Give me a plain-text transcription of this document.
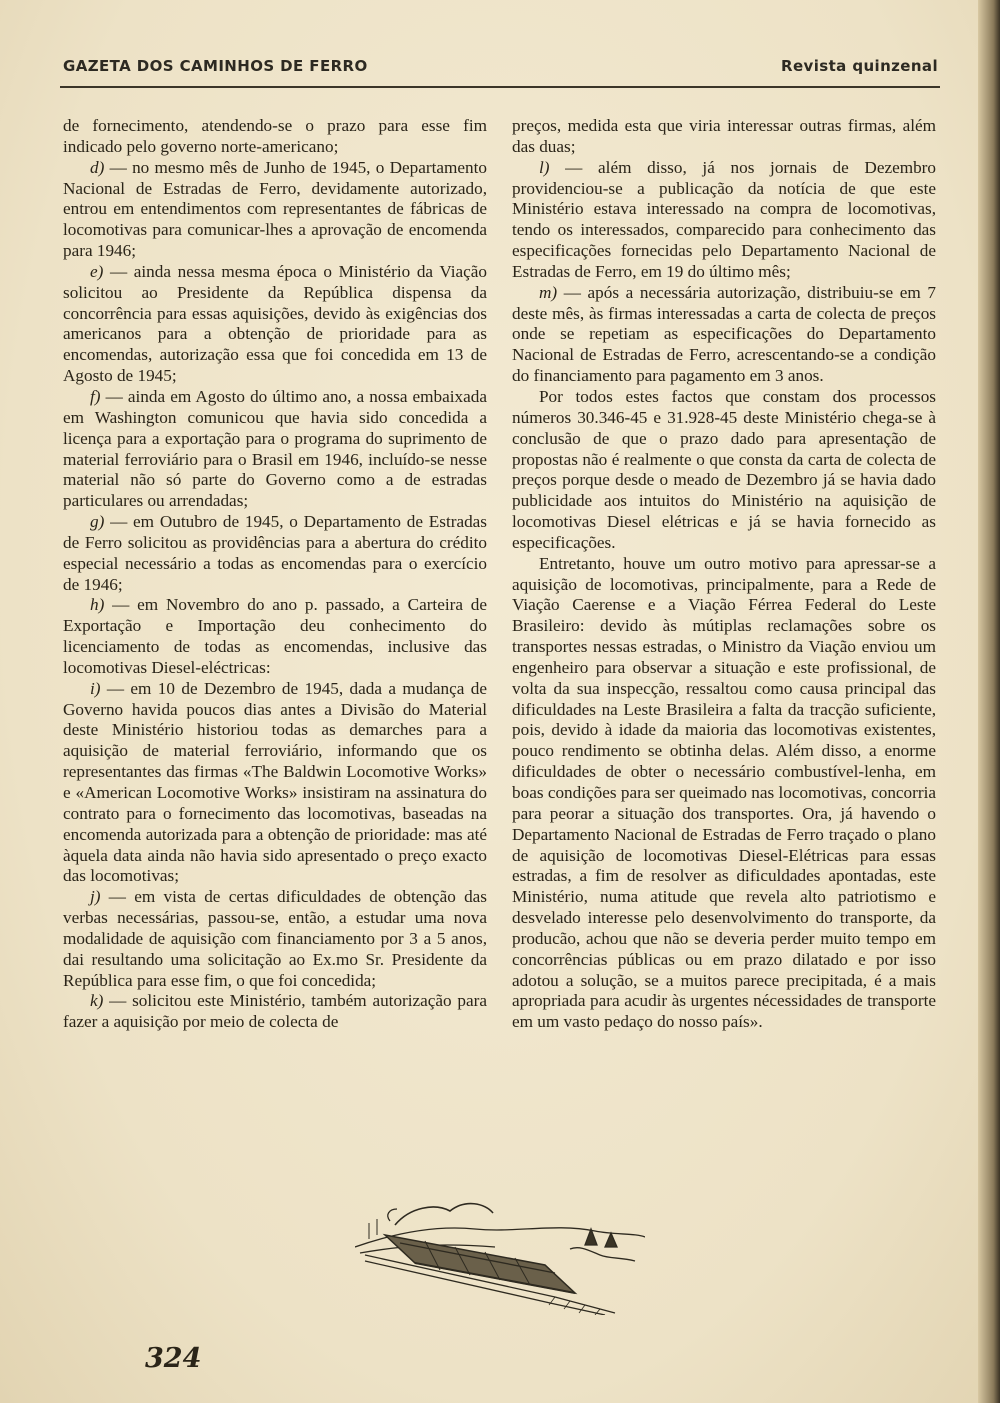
GAZETA DOS CAMINHOS DE FERRO	Revista quinzenal

de fornecimento, atendendo-se o prazo para esse fim indicado pelo governo norte-americano;

d) — no mesmo mês de Junho de 1945, o Departamento Nacional de Estradas de Ferro, devidamente autorizado, entrou em entendimentos com representantes de fábricas de locomotivas para comunicar-lhes a aprovação de encomenda para 1946;

e) — ainda nessa mesma época o Ministério da Viação solicitou ao Presidente da República dispensa da concorrência para essas aquisições, devido às exigências dos americanos para a obtenção de prioridade para as encomendas, autorização essa que foi concedida em 13 de Agosto de 1945;

f) — ainda em Agosto do último ano, a nossa embaixada em Washington comunicou que havia sido concedida a licença para a exportação para o programa do suprimento de material ferroviário para o Brasil em 1946, incluído-se nesse material não só parte do Governo como a de estradas particulares ou arrendadas;

g) — em Outubro de 1945, o Departamento de Estradas de Ferro solicitou as providências para a abertura do crédito especial necessário a todas as encomendas para o exercício de 1946;

h) — em Novembro do ano p. passado, a Carteira de Exportação e Importação deu conhecimento do licenciamento de todas as encomendas, inclusive das locomotivas Diesel-eléctricas:

i) — em 10 de Dezembro de 1945, dada a mudança de Governo havida poucos dias antes a Divisão do Material deste Ministério historiou todas as demarches para a aquisição de material ferroviário, informando que os representantes das firmas «The Baldwin Locomotive Works» e «American Locomotive Works» insistiram na assinatura do contrato para o fornecimento das locomotivas, baseadas na encomenda autorizada para a obtenção de prioridade: mas até àquela data ainda não havia sido apresentado o preço exacto das locomotivas;

j) — em vista de certas dificuldades de obtenção das verbas necessárias, passou-se, então, a estudar uma nova modalidade de aquisição com financiamento por 3 a 5 anos, dai resultando uma solicitação ao Ex.mo Sr. Presidente da República para esse fim, o que foi concedida;

k) — solicitou este Ministério, também autorização para fazer a aquisição por meio de colecta de

preços, medida esta que viria interessar outras firmas, além das duas;

l) — além disso, já nos jornais de Dezembro providenciou-se a publicação da notícia de que este Ministério estava interessado na compra de locomotivas, tendo os interessados, comparecido para conhecimento das especificações fornecidas pelo Departamento Nacional de Estradas de Ferro, em 19 do último mês;

m) — após a necessária autorização, distribuiu-se em 7 deste mês, às firmas interessadas a carta de colecta de preços onde se repetiam as especificações do Departamento Nacional de Estradas de Ferro, acrescentando-se a condição do financiamento para pagamento em 3 anos.

Por todos estes factos que constam dos processos números 30.346-45 e 31.928-45 deste Ministério chega-se à conclusão de que o prazo dado para apresentação de propostas não é realmente o que consta da carta de colecta de preços porque desde o meado de Dezembro já se havia dado publicidade aos intuitos do Ministério na aquisição de locomotivas Diesel elétricas e já se havia fornecido as especificações.

Entretanto, houve um outro motivo para apressar-se a aquisição de locomotivas, principalmente, para a Rede de Viação Caerense e a Viação Férrea Federal do Leste Brasileiro: devido às mútiplas reclamações sobre os transportes nessas estradas, o Ministro da Viação enviou um engenheiro para observar a situação e este profissional, de volta da sua inspecção, ressaltou como causa principal das dificuldades na Leste Brasileira a falta da tracção suficiente, pois, devido à idade da maioria das locomotivas existentes, pouco rendimento se obtinha delas. Além disso, a enorme dificuldades de obter o necessário combustível-lenha, em boas condições para ser queimado nas locomotivas, concorria para peorar a situação dos transportes. Ora, já havendo o Departamento Nacional de Estradas de Ferro traçado o plano de aquisição de locomotivas Diesel-Elétricas para essas estradas, a fim de resolver as dificuldades apontadas, este Ministério, numa atitude que revela alto patriotismo e desvelado interesse pelo desenvolvimento do transporte, da producão, achou que não se deveria perder muito tempo em concorrências públicas ou em prazo dilatado e por isso adotou a solução, se a muitos parece precipitada, é a mais apropriada para acudir às urgentes nécessidades de transporte em um vasto pedaço do nosso país».

324
